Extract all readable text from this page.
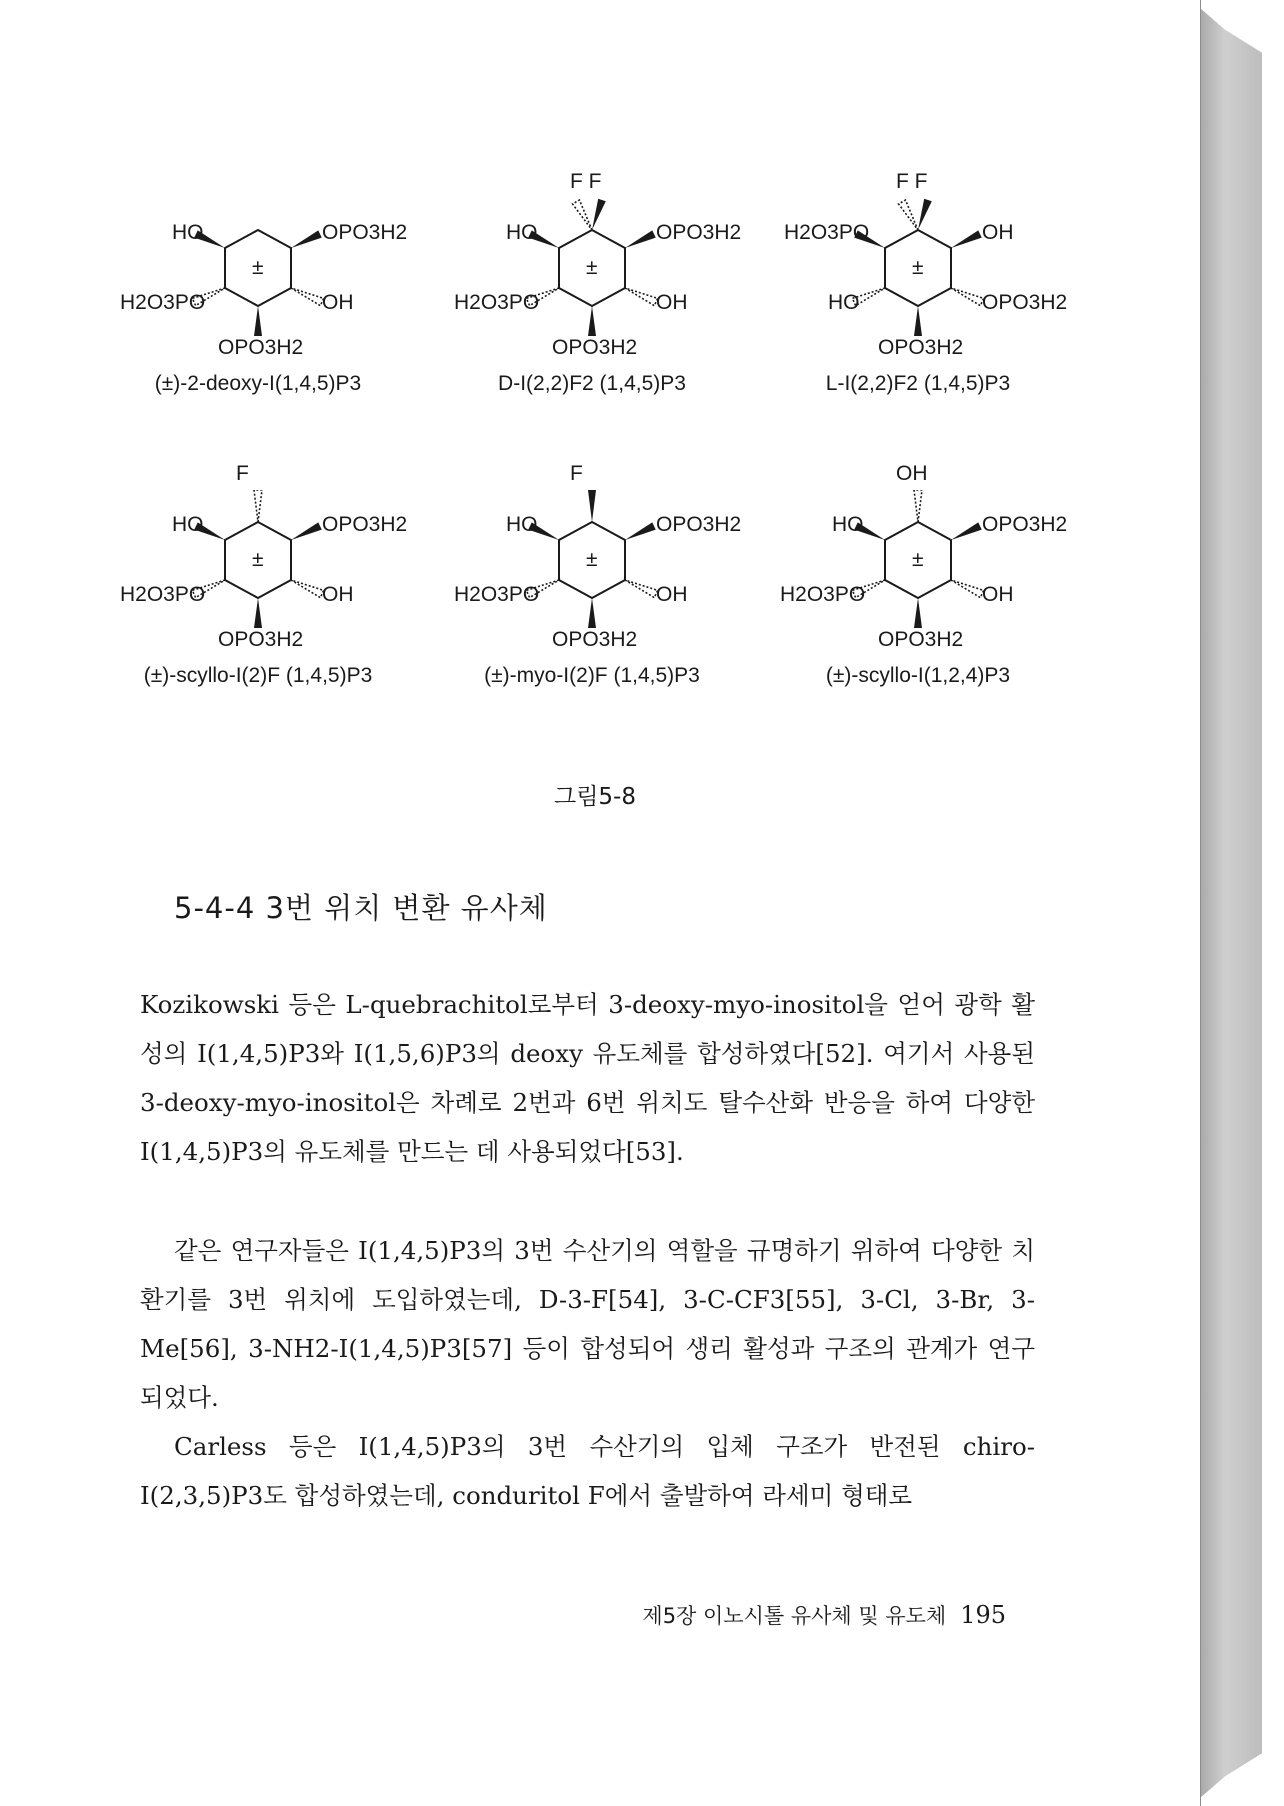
HO	OPO3H2
H2O3PO	OH
OPO3H2
±
(±)-2-deoxy-I(1,4,5)P3
HO	OPO3H2
H2O3PO	OH
OPO3H2
±
F F
D-I(2,2)F2 (1,4,5)P3
H2O3PO	OH
HO	OPO3H2
OPO3H2
±
F F
L-I(2,2)F2 (1,4,5)P3
HO	OPO3H2
H2O3PO	OH
OPO3H2
±
F
(±)-scyllo-I(2)F (1,4,5)P3
HO	OPO3H2
H2O3PO	OH
OPO3H2
±
F
(±)-myo-I(2)F (1,4,5)P3
HO	OPO3H2
H2O3PO	OH
OPO3H2
±
OH
(±)-scyllo-I(1,2,4)P3
그림5-8
5-4-4 3번 위치 변환 유사체

Kozikowski 등은 L-quebrachitol로부터 3-deoxy-myo-inositol을 얻어 광학 활성의 I(1,4,5)P3와 I(1,5,6)P3의 deoxy 유도체를 합성하였다[52]. 여기서 사용된 3-deoxy-myo-inositol은 차례로 2번과 6번 위치도 탈수산화 반응을 하여 다양한 I(1,4,5)P3의 유도체를 만드는 데 사용되었다[53].

같은 연구자들은 I(1,4,5)P3의 3번 수산기의 역할을 규명하기 위하여 다양한 치환기를 3번 위치에 도입하였는데, D-3-F[54], 3-C-CF3[55], 3-Cl, 3-Br, 3-Me[56], 3-NH2-I(1,4,5)P3[57] 등이 합성되어 생리 활성과 구조의 관계가 연구되었다.

Carless 등은 I(1,4,5)P3의 3번 수산기의 입체 구조가 반전된 chiro-I(2,3,5)P3도 합성하였는데, conduritol F에서 출발하여 라세미 형태로

제5장 이노시톨 유사체 및 유도체 195
